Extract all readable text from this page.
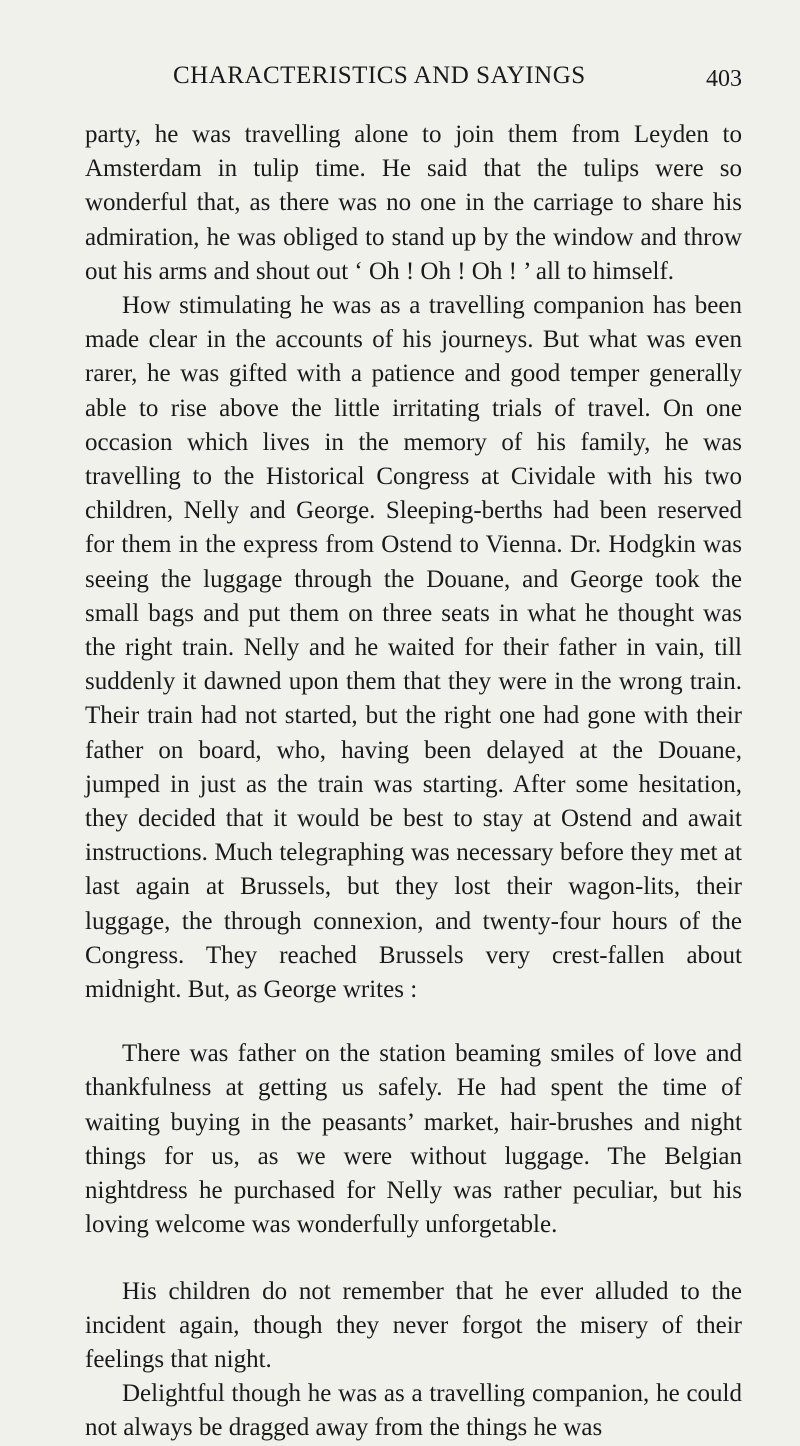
CHARACTERISTICS AND SAYINGS	403

party, he was travelling alone to join them from Leyden to Amsterdam in tulip time. He said that the tulips were so wonderful that, as there was no one in the carriage to share his admiration, he was obliged to stand up by the window and throw out his arms and shout out ‘ Oh ! Oh ! Oh ! ’ all to himself.

How stimulating he was as a travelling companion has been made clear in the accounts of his journeys. But what was even rarer, he was gifted with a patience and good temper generally able to rise above the little irritating trials of travel. On one occasion which lives in the memory of his family, he was travelling to the Historical Congress at Cividale with his two children, Nelly and George. Sleeping-berths had been reserved for them in the express from Ostend to Vienna. Dr. Hodgkin was seeing the luggage through the Douane, and George took the small bags and put them on three seats in what he thought was the right train. Nelly and he waited for their father in vain, till suddenly it dawned upon them that they were in the wrong train. Their train had not started, but the right one had gone with their father on board, who, having been delayed at the Douane, jumped in just as the train was starting. After some hesitation, they decided that it would be best to stay at Ostend and await instructions. Much telegraphing was necessary before they met at last again at Brussels, but they lost their wagon-lits, their luggage, the through connexion, and twenty-four hours of the Congress. They reached Brussels very crest-fallen about midnight. But, as George writes :

There was father on the station beaming smiles of love and thankfulness at getting us safely. He had spent the time of waiting buying in the peasants’ market, hair-brushes and night things for us, as we were without luggage. The Belgian nightdress he purchased for Nelly was rather peculiar, but his loving welcome was wonderfully unforgetable.

His children do not remember that he ever alluded to the incident again, though they never forgot the misery of their feelings that night.

Delightful though he was as a travelling companion, he could not always be dragged away from the things he was
